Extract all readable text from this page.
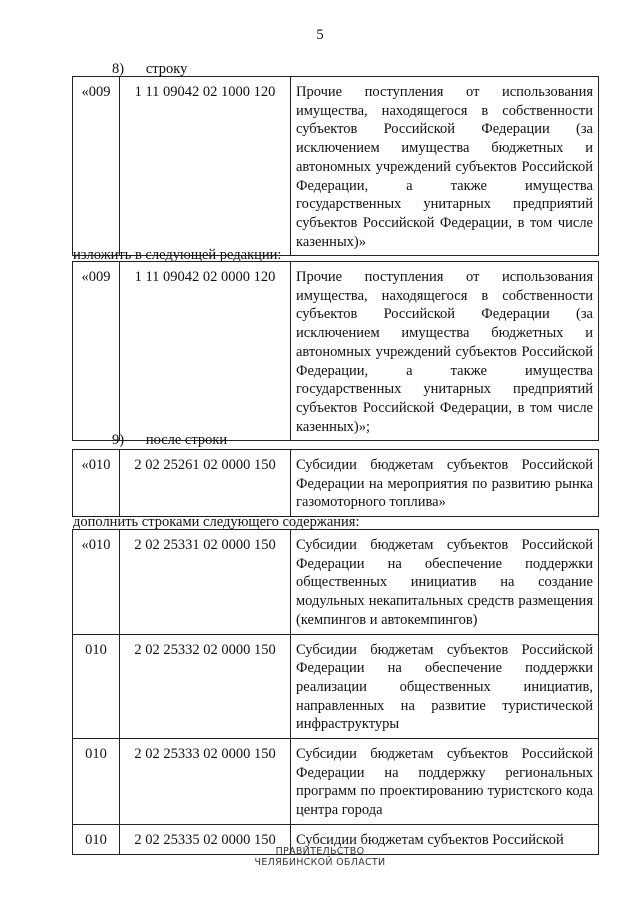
5
8)      строку
«009	1 11 09042 02 1000 120	Прочие поступления от использования имущества, находящегося в собственности субъектов Российской Федерации (за исключением имущества бюджетных и автономных учреждений субъектов Российской Федерации, а также имущества государственных унитарных предприятий субъектов Российской Федерации, в том числе казенных)»
изложить в следующей редакции:
«009	1 11 09042 02 0000 120	Прочие поступления от использования имущества, находящегося в собственности субъектов Российской Федерации (за исключением имущества бюджетных и автономных учреждений субъектов Российской Федерации, а также имущества государственных унитарных предприятий субъектов Российской Федерации, в том числе казенных)»;
9)      после строки
«010	2 02 25261 02 0000 150	Субсидии бюджетам субъектов Российской Федерации на мероприятия по развитию рынка газомоторного топлива»
дополнить строками следующего содержания:
«010	2 02 25331 02 0000 150	Субсидии бюджетам субъектов Российской Федерации на обеспечение поддержки общественных инициатив на создание модульных некапитальных средств размещения (кемпингов и автокемпингов)
010	2 02 25332 02 0000 150	Субсидии бюджетам субъектов Российской Федерации на обеспечение поддержки реализации общественных инициатив, направленных на развитие туристической инфраструктуры
010	2 02 25333 02 0000 150	Субсидии бюджетам субъектов Российской Федерации на поддержку региональных программ по проектированию туристского кода центра города
010	2 02 25335 02 0000 150	Субсидии бюджетам субъектов Российской
ПРАВИТЕЛЬСТВО
ЧЕЛЯБИНСКОЙ ОБЛАСТИ
